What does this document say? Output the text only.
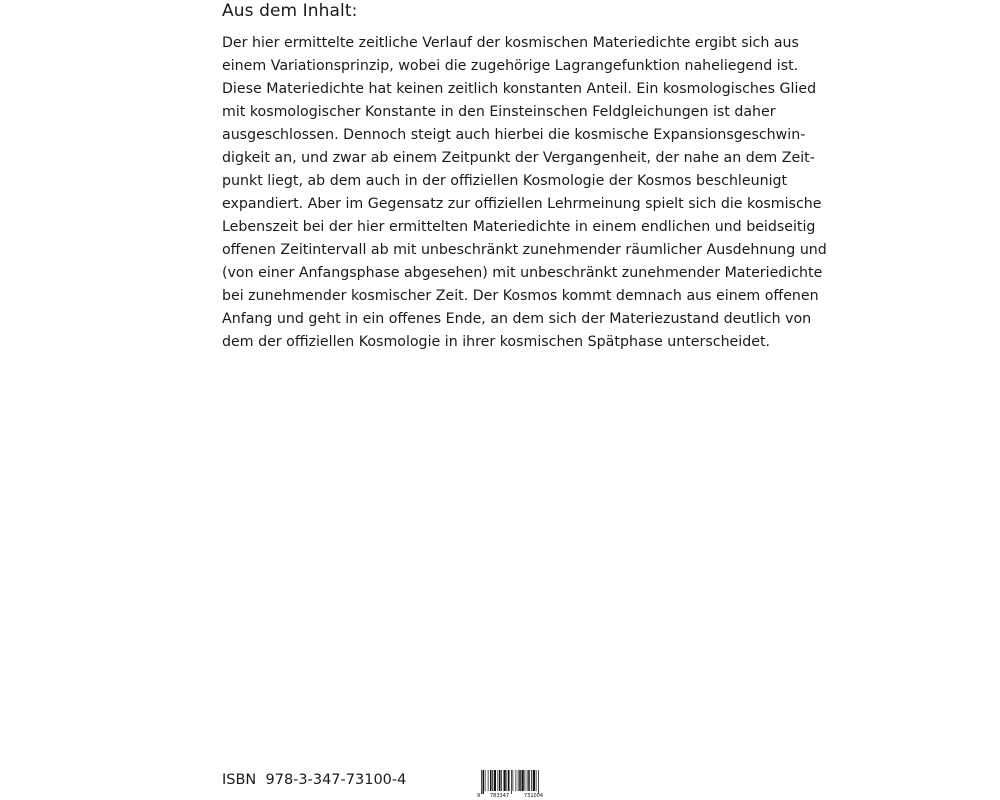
Aus dem Inhalt:

Der hier ermittelte zeitliche Verlauf der kosmischen Materiedichte ergibt sich aus
einem Variationsprinzip, wobei die zugehörige Lagrangefunktion naheliegend ist.
Diese Materiedichte hat keinen zeitlich konstanten Anteil. Ein kosmologisches Glied
mit kosmologischer Konstante in den Einsteinschen Feldgleichungen ist daher
ausgeschlossen. Dennoch steigt auch hierbei die kosmische Expansionsgeschwin-
digkeit an, und zwar ab einem Zeitpunkt der Vergangenheit, der nahe an dem Zeit-
punkt liegt, ab dem auch in der offiziellen Kosmologie der Kosmos beschleunigt
expandiert. Aber im Gegensatz zur offiziellen Lehrmeinung spielt sich die kosmische
Lebenszeit bei der hier ermittelten Materiedichte in einem endlichen und beidseitig
offenen Zeitintervall ab mit unbeschränkt zunehmender räumlicher Ausdehnung und
(von einer Anfangsphase abgesehen) mit unbeschränkt zunehmender Materiedichte
bei zunehmender kosmischer Zeit. Der Kosmos kommt demnach aus einem offenen
Anfang und geht in ein offenes Ende, an dem sich der Materiezustand deutlich von
dem der offiziellen Kosmologie in ihrer kosmischen Spätphase unterscheidet.

ISBN  978-3-347-73100-4
9 783347	731004
